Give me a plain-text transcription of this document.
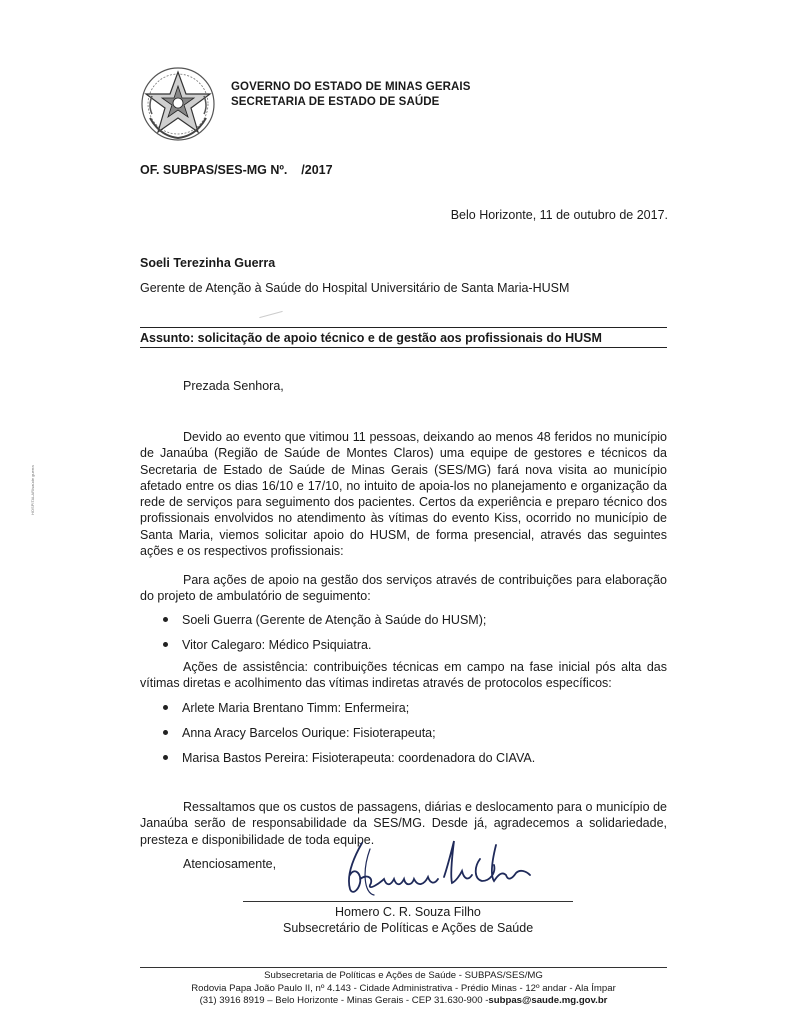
GOVERNO DO ESTADO DE MINAS GERAIS
SECRETARIA DE ESTADO DE SAÚDE
OF. SUBPAS/SES-MG Nº.    /2017
Belo Horizonte, 11 de outubro de 2017.
Soeli Terezinha Guerra
Gerente de Atenção à Saúde do Hospital Universitário de Santa Maria-HUSM
Assunto: solicitação de apoio técnico e de gestão aos profissionais do HUSM
Prezada Senhora,

Devido ao evento que vitimou 11 pessoas, deixando ao menos 48 feridos no município de Janaúba (Região de Saúde de Montes Claros) uma equipe de gestores e técnicos da Secretaria de Estado de Saúde de Minas Gerais (SES/MG) fará nova visita ao município afetado entre os dias 16/10 e 17/10, no intuito de apoia-los no planejamento e organização da rede de serviços para seguimento dos pacientes. Certos da experiência e preparo técnico dos profissionais envolvidos no atendimento às vítimas do evento Kiss, ocorrido no município de Santa Maria, viemos solicitar apoio do HUSM, de forma presencial, através das seguintes ações e os respectivos profissionais:

Para ações de apoio na gestão dos serviços através de contribuições para elaboração do projeto de ambulatório de seguimento:

Soeli Guerra (Gerente de Atenção à Saúde do HUSM);
Vitor Calegaro: Médico Psiquiatra.

Ações de assistência: contribuições técnicas em campo na fase inicial pós alta das vítimas diretas e acolhimento das vítimas indiretas através de protocolos específicos:

Arlete Maria Brentano Timm: Enfermeira;
Anna Aracy Barcelos Ourique: Fisioterapeuta;
Marisa Bastos Pereira: Fisioterapeuta: coordenadora do CIAVA.

Ressaltamos que os custos de passagens, diárias e deslocamento para o município de Janaúba serão de responsabilidade da SES/MG. Desde já, agradecemos a solidariedade, presteza e disponibilidade de toda equipe.

Atenciosamente,
Homero C. R. Souza Filho
Subsecretário de Políticas e Ações de Saúde
Subsecretaria de Políticas e Ações de Saúde - SUBPAS/SES/MG
Rodovia Papa João Paulo II, nº 4.143 - Cidade Administrativa - Prédio Minas - 12º andar - Ala Ímpar
(31) 3916 8919 – Belo Horizonte - Minas Gerais - CEP 31.630-900 -subpas@saude.mg.gov.br
HOSPITALAR/saúde guerra
